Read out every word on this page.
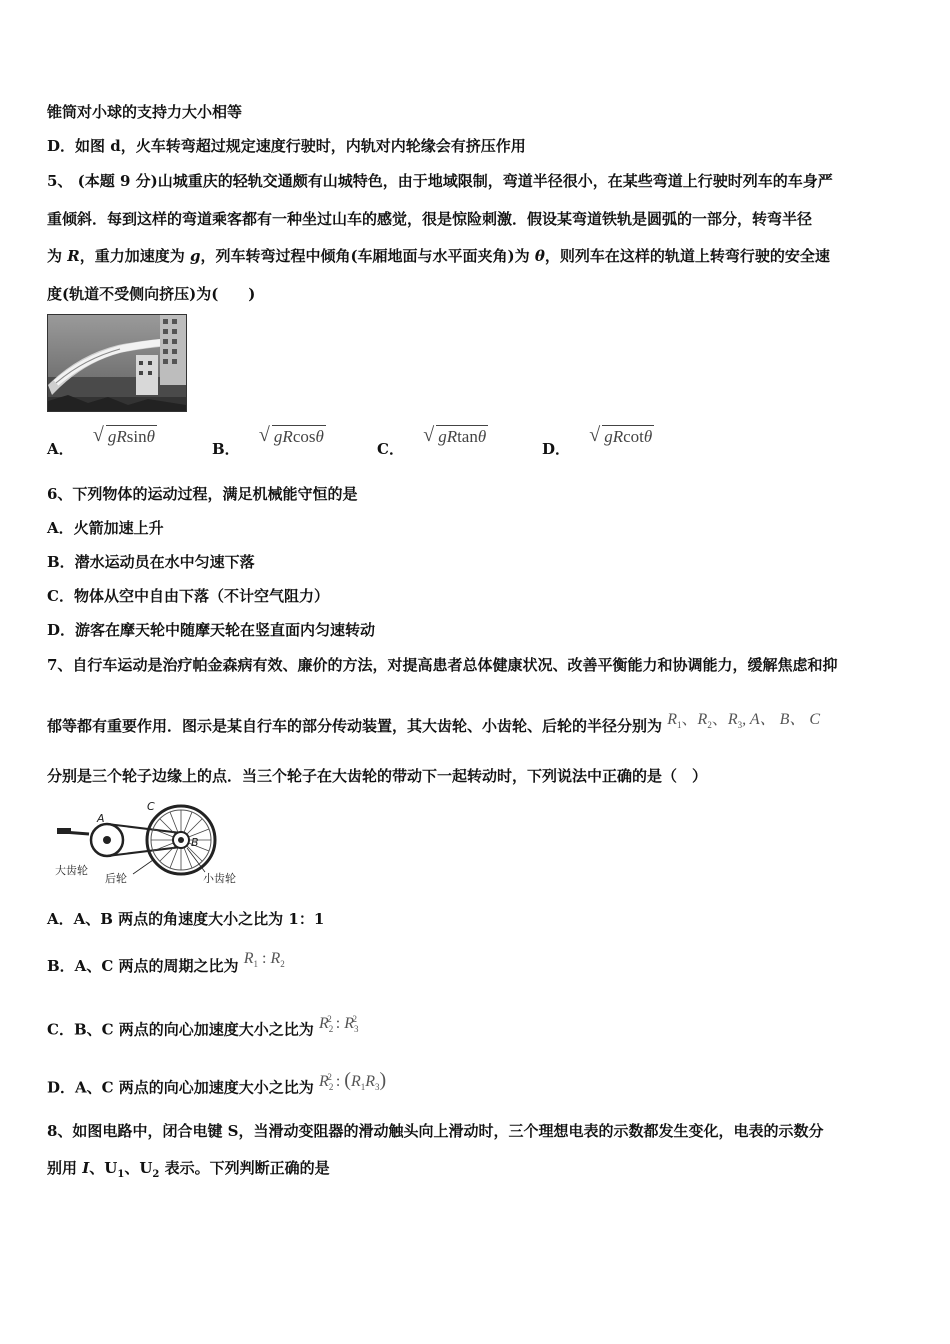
锥筒对小球的支持力大小相等
D．如图 d，火车转弯超过规定速度行驶时，内轨对内轮缘会有挤压作用
5、 (本题 9 分)山城重庆的轻轨交通颇有山城特色，由于地域限制，弯道半径很小，在某些弯道上行驶时列车的车身严
重倾斜．每到这样的弯道乘客都有一种坐过山车的感觉，很是惊险刺激．假设某弯道铁轨是圆弧的一部分，转弯半径
为 R，重力加速度为 g，列车转弯过程中倾角(车厢地面与水平面夹角)为 θ，则列车在这样的轨道上转弯行驶的安全速
度(轨道不受侧向挤压)为(　　)
A．
√ gRsinθ
B．
√ gRcosθ
C．
√ gRtanθ
D．
√ gRcotθ
6、下列物体的运动过程，满足机械能守恒的是
A．火箭加速上升
B．潜水运动员在水中匀速下落
C．物体从空中自由下落（不计空气阻力）
D．游客在摩天轮中随摩天轮在竖直面内匀速转动
7、自行车运动是治疗帕金森病有效、廉价的方法，对提高患者总体健康状况、改善平衡能力和协调能力，缓解焦虑和抑
郁等都有重要作用．图示是某自行车的部分传动装置，其大齿轮、小齿轮、后轮的半径分别为 $R_1$、$R_2$、$R_3$, A、 B、 C
分别是三个轮子边缘上的点．当三个轮子在大齿轮的带动下一起转动时，下列说法中正确的是（　）
A
B
C
大齿轮
后轮	小齿轮
A．A、B 两点的角速度大小之比为 1：1
B．A、C 两点的周期之比为 $R_1$ : $R_2$
C．B、C 两点的向心加速度大小之比为 $R_2^2$ : $R_3^2$
D．A、C 两点的向心加速度大小之比为 $R_2^2$ : $(R_1R_3)$
8、如图电路中，闭合电键 S，当滑动变阻器的滑动触头向上滑动时，三个理想电表的示数都发生变化，电表的示数分
别用 I、$U_1$、$U_2$ 表示。下列判断正确的是
